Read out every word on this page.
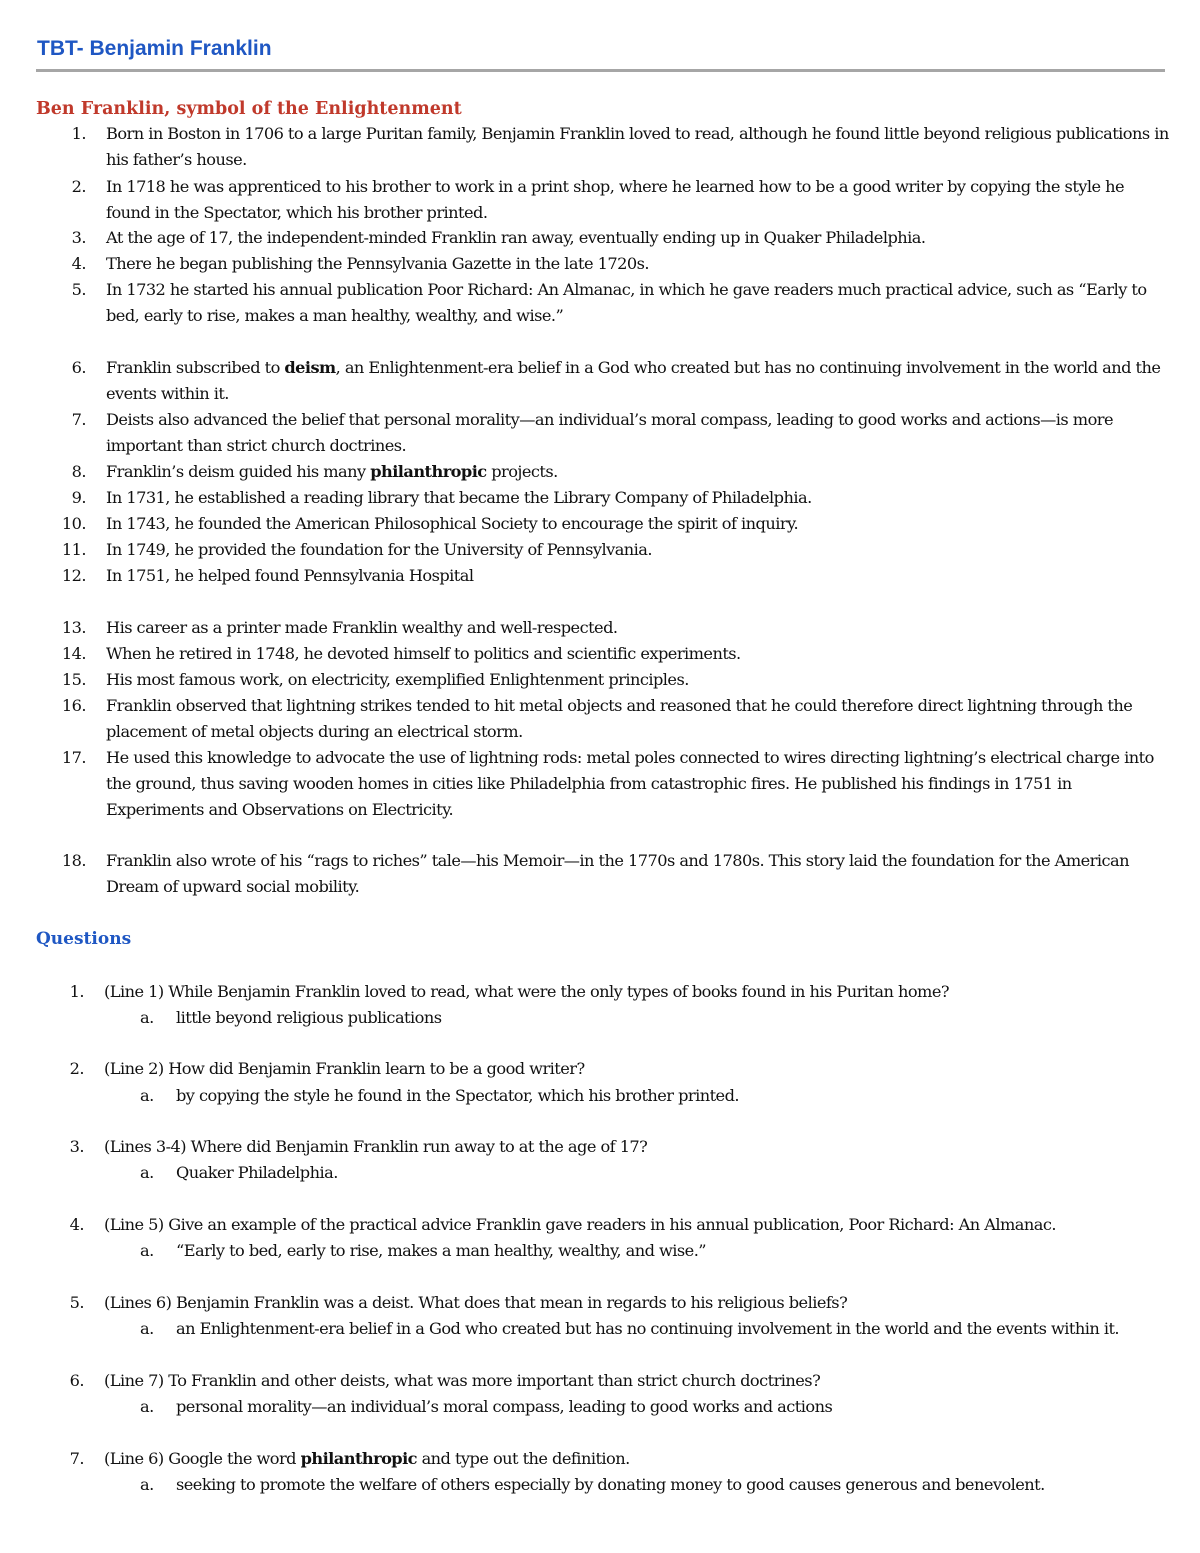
TBT- Benjamin Franklin
Ben Franklin, symbol of the Enlightenment
1. Born in Boston in 1706 to a large Puritan family, Benjamin Franklin loved to read, although he found little beyond religious publications in his father’s house.
2. In 1718 he was apprenticed to his brother to work in a print shop, where he learned how to be a good writer by copying the style he found in the Spectator, which his brother printed.
3. At the age of 17, the independent-minded Franklin ran away, eventually ending up in Quaker Philadelphia.
4. There he began publishing the Pennsylvania Gazette in the late 1720s.
5. In 1732 he started his annual publication Poor Richard: An Almanac, in which he gave readers much practical advice, such as “Early to bed, early to rise, makes a man healthy, wealthy, and wise.”
6. Franklin subscribed to deism, an Enlightenment-era belief in a God who created but has no continuing involvement in the world and the events within it.
7. Deists also advanced the belief that personal morality—an individual’s moral compass, leading to good works and actions—is more important than strict church doctrines.
8. Franklin’s deism guided his many philanthropic projects.
9. In 1731, he established a reading library that became the Library Company of Philadelphia.
10. In 1743, he founded the American Philosophical Society to encourage the spirit of inquiry.
11. In 1749, he provided the foundation for the University of Pennsylvania.
12. In 1751, he helped found Pennsylvania Hospital
13. His career as a printer made Franklin wealthy and well-respected.
14. When he retired in 1748, he devoted himself to politics and scientific experiments.
15. His most famous work, on electricity, exemplified Enlightenment principles.
16. Franklin observed that lightning strikes tended to hit metal objects and reasoned that he could therefore direct lightning through the placement of metal objects during an electrical storm.
17. He used this knowledge to advocate the use of lightning rods: metal poles connected to wires directing lightning’s electrical charge into the ground, thus saving wooden homes in cities like Philadelphia from catastrophic fires. He published his findings in 1751 in Experiments and Observations on Electricity.
18. Franklin also wrote of his “rags to riches” tale—his Memoir—in the 1770s and 1780s. This story laid the foundation for the American Dream of upward social mobility.
Questions
1. (Line 1) While Benjamin Franklin loved to read, what were the only types of books found in his Puritan home?
a. little beyond religious publications
2. (Line 2) How did Benjamin Franklin learn to be a good writer?
a. by copying the style he found in the Spectator, which his brother printed.
3. (Lines 3-4) Where did Benjamin Franklin run away to at the age of 17?
a. Quaker Philadelphia.
4. (Line 5) Give an example of the practical advice Franklin gave readers in his annual publication, Poor Richard: An Almanac.
a. “Early to bed, early to rise, makes a man healthy, wealthy, and wise.”
5. (Lines 6) Benjamin Franklin was a deist. What does that mean in regards to his religious beliefs?
a. an Enlightenment-era belief in a God who created but has no continuing involvement in the world and the events within it.
6. (Line 7) To Franklin and other deists, what was more important than strict church doctrines?
a. personal morality—an individual’s moral compass, leading to good works and actions
7. (Line 6) Google the word philanthropic and type out the definition.
a. seeking to promote the welfare of others especially by donating money to good causes generous and benevolent.
